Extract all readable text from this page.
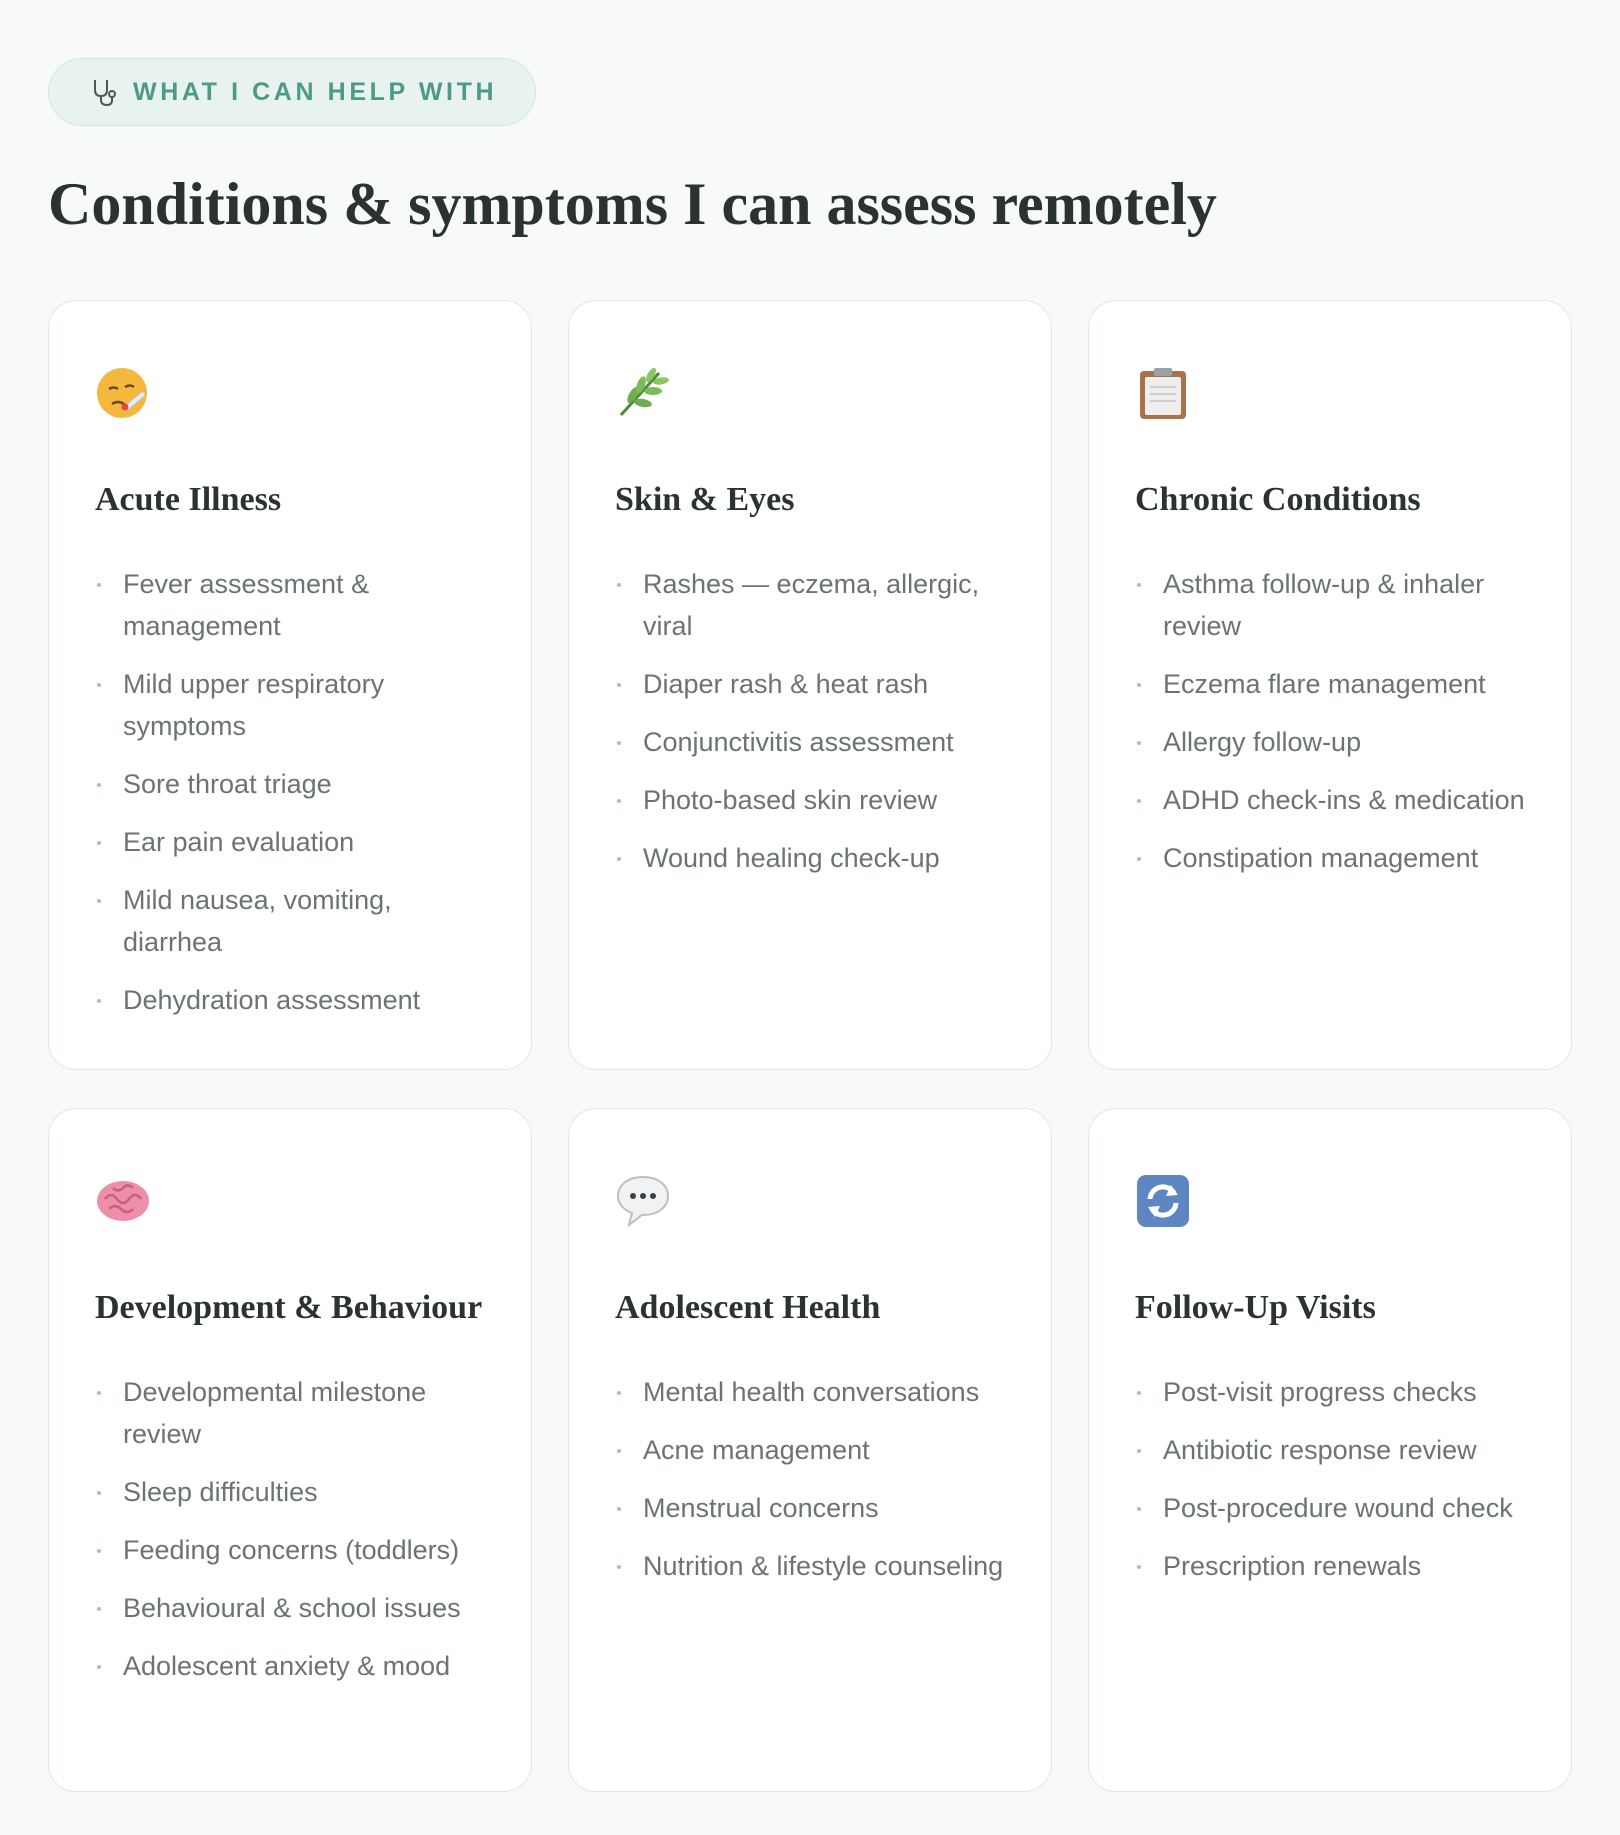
WHAT I CAN HELP WITH
Conditions & symptoms I can assess remotely
Acute Illness
Fever assessment & management
Mild upper respiratory symptoms
Sore throat triage
Ear pain evaluation
Mild nausea, vomiting, diarrhea
Dehydration assessment
Skin & Eyes
Rashes — eczema, allergic, viral
Diaper rash & heat rash
Conjunctivitis assessment
Photo-based skin review
Wound healing check-up
Chronic Conditions
Asthma follow-up & inhaler review
Eczema flare management
Allergy follow-up
ADHD check-ins & medication
Constipation management
Development & Behaviour
Developmental milestone review
Sleep difficulties
Feeding concerns (toddlers)
Behavioural & school issues
Adolescent anxiety & mood
Adolescent Health
Mental health conversations
Acne management
Menstrual concerns
Nutrition & lifestyle counseling
Follow-Up Visits
Post-visit progress checks
Antibiotic response review
Post-procedure wound check
Prescription renewals
